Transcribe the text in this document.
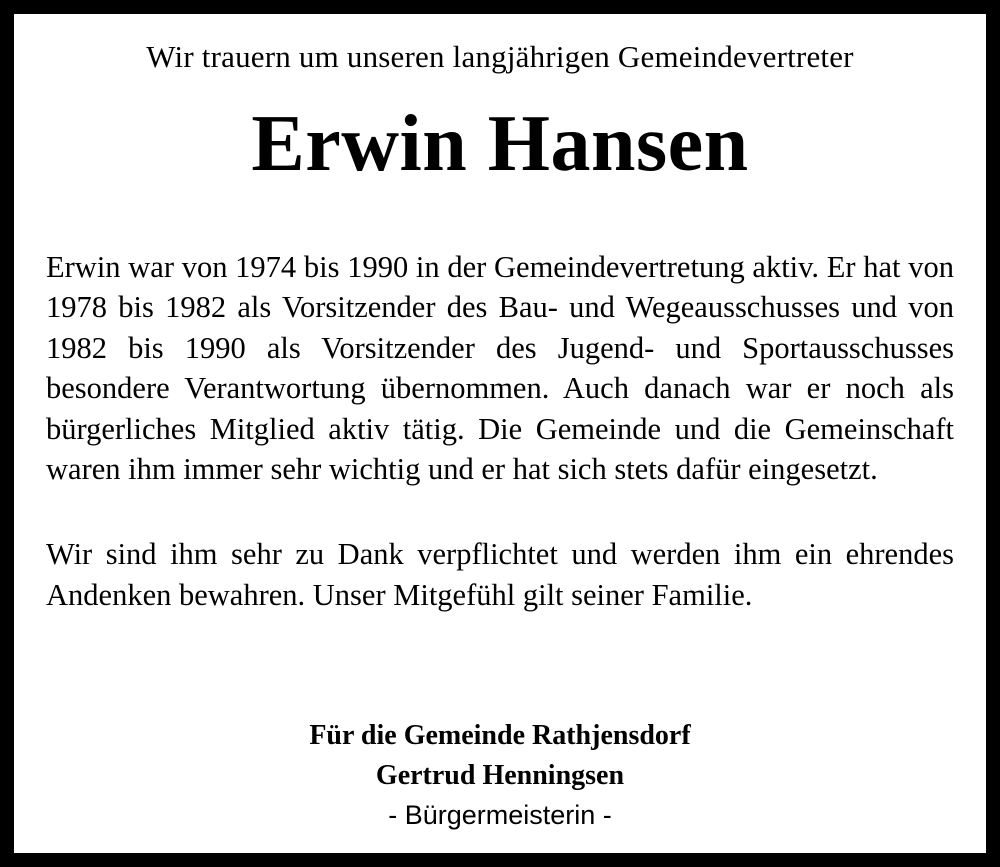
Wir trauern um unseren langjährigen Gemeindevertreter
Erwin Hansen

Erwin war von 1974 bis 1990 in der Gemeindevertretung aktiv. Er hat von 1978 bis 1982 als Vorsitzender des Bau- und Wegeausschusses und von 1982 bis 1990 als Vorsitzender des Jugend- und Sportausschusses besondere Verantwortung übernommen. Auch danach war er noch als bürgerliches Mitglied aktiv tätig. Die Gemeinde und die Gemeinschaft waren ihm immer sehr wichtig und er hat sich stets dafür eingesetzt.

Wir sind ihm sehr zu Dank verpflichtet und werden ihm ein ehrendes Andenken bewahren. Unser Mitgefühl gilt seiner Familie.

Für die Gemeinde Rathjensdorf
Gertrud Henningsen
- Bürgermeisterin -
